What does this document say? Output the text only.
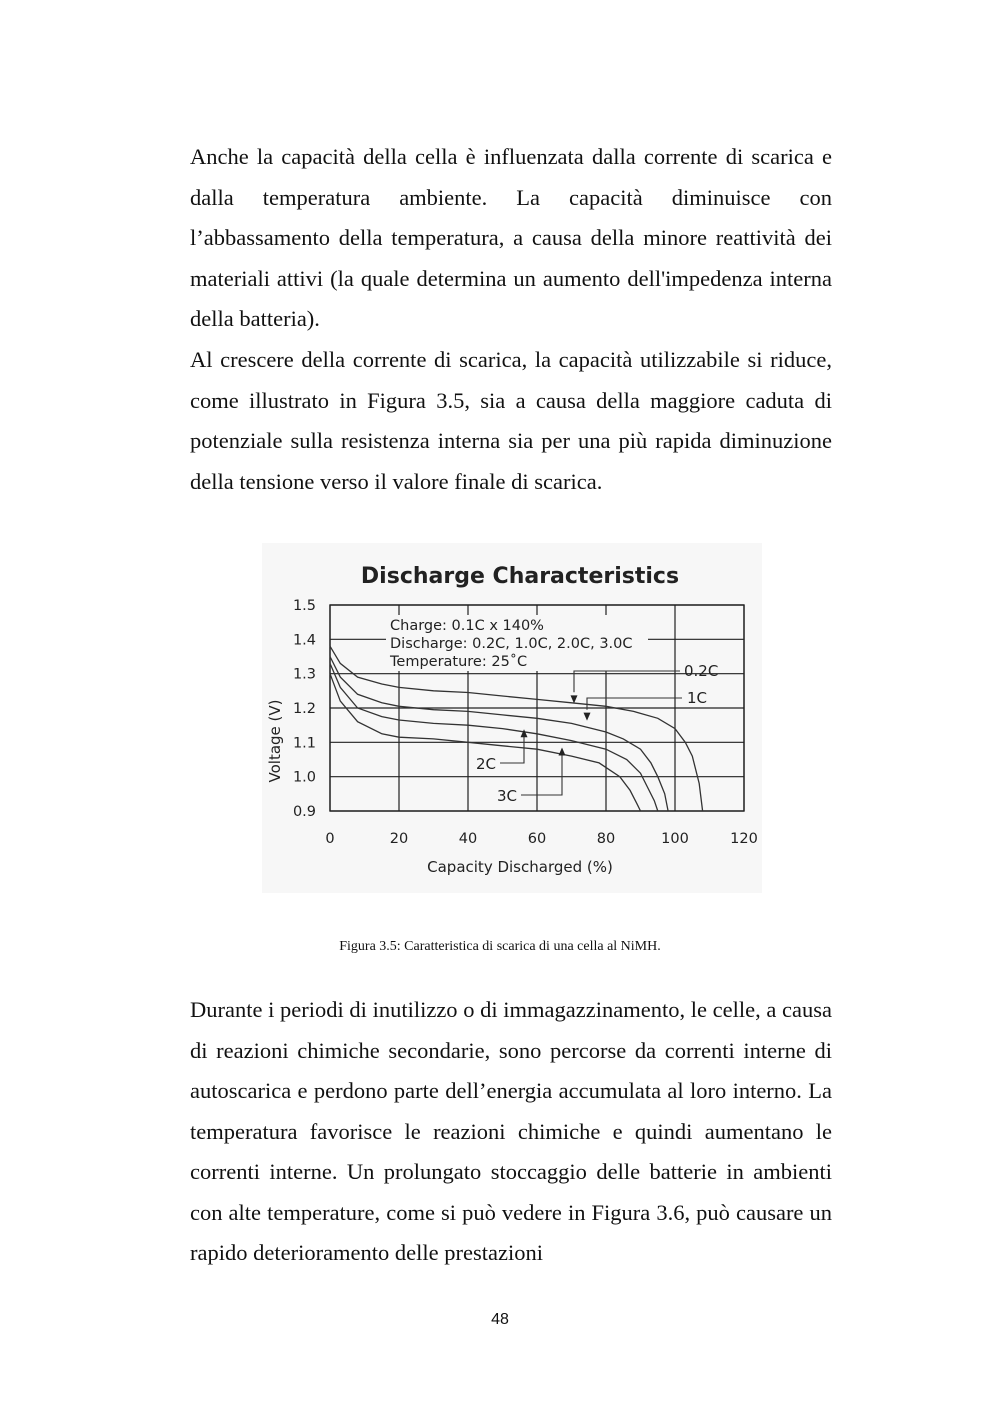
Anche la capacità della cella è influenzata dalla corrente di scarica e dalla temperatura ambiente. La capacità diminuisce con l’abbassamento della temperatura, a causa della minore reattività dei materiali attivi (la quale determina un aumento dell'impedenza interna della batteria).

Al crescere della corrente di scarica, la capacità utilizzabile si riduce, come illustrato in Figura 3.5, sia a causa della maggiore caduta di potenziale sulla resistenza interna sia per una più rapida diminuzione della tensione verso il valore finale di scarica.

Discharge Characteristics
1.5
1.4
1.3
1.2
1.1
1.0
0.9
0	20	40	60	80	100	120
Charge: 0.1C x 140%
Discharge: 0.2C, 1.0C, 2.0C, 3.0C
Temperature: 25˚C	0.2C
1C
2C
3C
Capacity Discharged (%)
Voltage (V)

Figura 3.5: Caratteristica di scarica di una cella al NiMH.

Durante i periodi di inutilizzo o di immagazzinamento, le celle, a causa di reazioni chimiche secondarie, sono percorse da correnti interne di autoscarica e perdono parte dell’energia accumulata al loro interno. La temperatura favorisce le reazioni chimiche e quindi aumentano le correnti interne. Un prolungato stoccaggio delle batterie in ambienti con alte temperature, come si può vedere in Figura 3.6, può causare un rapido deterioramento delle prestazioni

48
